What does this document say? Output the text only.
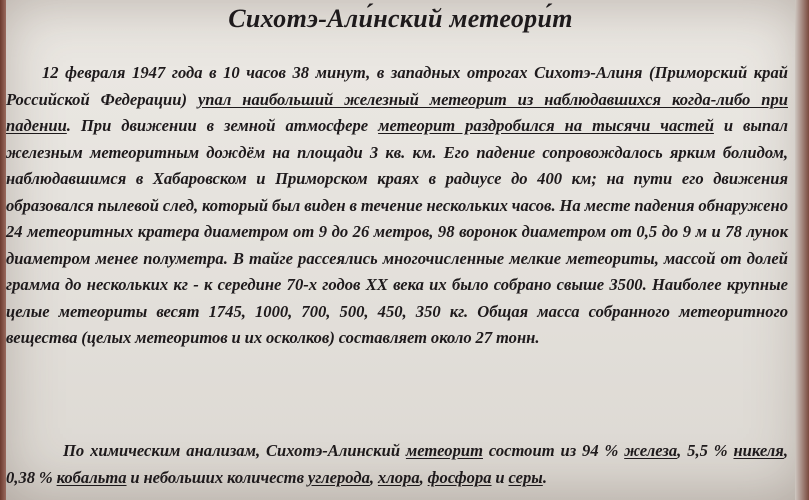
Сихотэ-Али́нский метеори́т

12 февраля 1947 года в 10 часов 38 минут, в западных отрогах Сихотэ-Алиня (Приморский край Российской Федерации) упал наибольший железный метеорит из наблюдавшихся когда-либо при падении. При движении в земной атмосфере метеорит раздробился на тысячи частей и выпал железным метеоритным дождём на площади 3 кв. км. Его падение сопровождалось ярким болидом, наблюдавшимся в Хабаровском и Приморском краях в радиусе до 400 км; на пути его движения образовался пылевой след, который был виден в течение нескольких часов. На месте падения обнаружено 24 метеоритных кратера диаметром от 9 до 26 метров, 98 воронок диаметром от 0,5 до 9 м и 78 лунок диаметром менее полуметра. В тайге рассеялись многочисленные мелкие метеориты, массой от долей грамма до нескольких кг - к середине 70-х годов XX века их было собрано свыше 3500. Наиболее крупные целые метеориты весят 1745, 1000, 700, 500, 450, 350 кг. Общая масса собранного метеоритного вещества (целых метеоритов и их осколков) составляет около 27 тонн.

По химическим анализам, Сихотэ-Алинский метеорит состоит из 94 % железа, 5,5 % никеля, 0,38 % кобальта и небольших количеств углерода, хлора, фосфора и серы.
